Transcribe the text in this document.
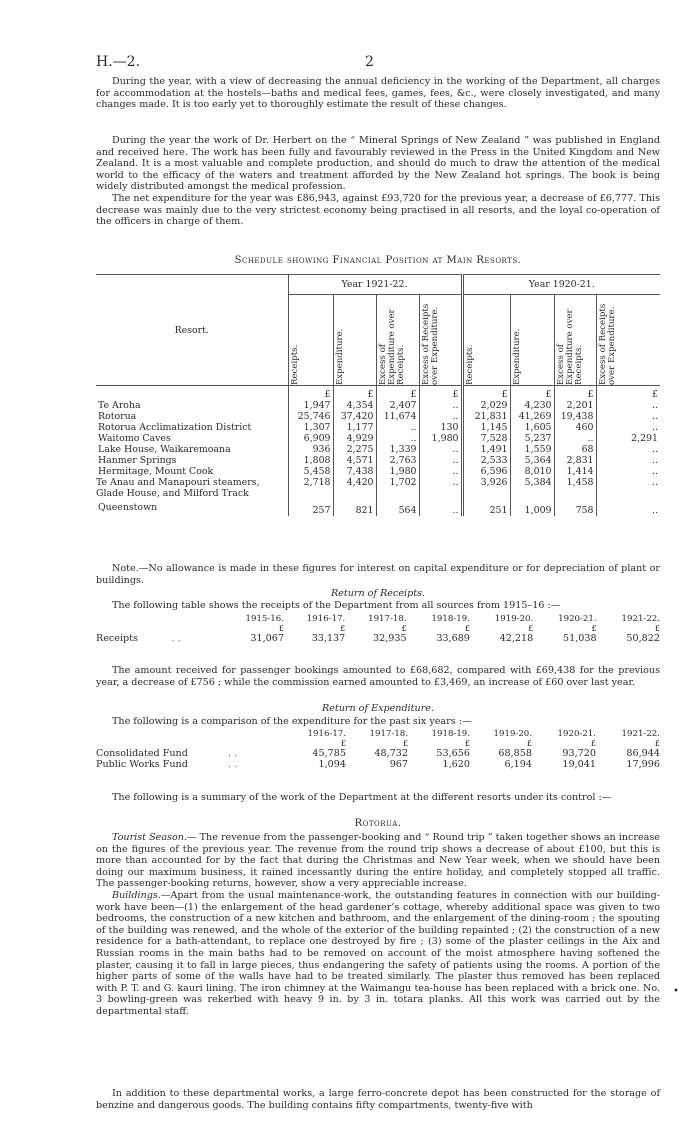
H.—2.	2

During the year, with a view of decreasing the annual deficiency in the working of the Department, all charges for accommodation at the hostels—baths and medical fees, games, fees, &c., were closely investigated, and many changes made. It is too early yet to thoroughly estimate the result of these changes.

During the year the work of Dr. Herbert on the “ Mineral Springs of New Zealand ” was published in England and received here. The work has been fully and favourably reviewed in the Press in the United Kingdom and New Zealand. It is a most valuable and complete production, and should do much to draw the attention of the medical world to the efficacy of the waters and treatment afforded by the New Zealand hot springs. The book is being widely distributed amongst the medical profession.

The net expenditure for the year was £86,943, against £93,720 for the previous year, a decrease of £6,777. This decrease was mainly due to the very strictest economy being practised in all resorts, and the loyal co-operation of the officers in charge of them.

Schedule showing Financial Position at Main Resorts.

Resort.	Year 1921-22.				Year 1920-21.			

	Receipts.	Expenditure.	Excess of Expenditure over Receipts.	Excess of Receipts over Expenditure.	Receipts.	Expenditure.	Excess of Expenditure over Receipts.	Excess of Receipts over Expenditure.

	£	£	£	£	£	£	£	£
Te Aroha	1,947	4,354	2,407	..	2,029	4,230	2,201	..
Rotorua	25,746	37,420	11,674	..	21,831	41,269	19,438	..
Rotorua Acclimatization District	1,307	1,177	..	130	1,145	1,605	460	..
Waitomo Caves	6,909	4,929	..	1,980	7,528	5,237	..	2,291
Lake House, Waikaremoana	936	2,275	1,339	..	1,491	1,559	68	..
Hanmer Springs	1,808	4,571	2,763	..	2,533	5,364	2,831	..
Hermitage, Mount Cook	5,458	7,438	1,980	..	6,596	8,010	1,414	..
Te Anau and Manapouri steamers, Glade House, and Milford Track	2,718	4,420	1,702	..	3,926	5,384	1,458	..
Queenstown	257	821	564	..	251	1,009	758	..

Note.—No allowance is made in these figures for interest on capital expenditure or for depreciation of plant or buildings.

Return of Receipts.

The following table shows the receipts of the Department from all sources from 1915–16 :—

		1915-16.	1916-17.	1917-18.	1918-19.	1919-20.	1920-21.	1921-22.
		£	£	£	£	£	£	£
Receipts	. .	31,067	33,137	32,935	33,689	42,218	51,038	50,822

The amount received for passenger bookings amounted to £68,682, compared with £69,438 for the previous year, a decrease of £756 ; while the commission earned amounted to £3,469, an increase of £60 over last year.

Return of Expenditure.

The following is a comparison of the expenditure for the past six years :—

		1916-17.	1917-18.	1918-19.	1919-20.	1920-21.	1921-22.
		£	£	£	£	£	£
Consolidated Fund	. .	45,785	48,732	53,656	68,858	93,720	86,944
Public Works Fund	. .	1,094	967	1,620	6,194	19,041	17,996

The following is a summary of the work of the Department at the different resorts under its control :—

Rotorua.

Tourist Season.— The revenue from the passenger-booking and “ Round trip ” taken together shows an increase on the figures of the previous year. The revenue from the round trip shows a decrease of about £100, but this is more than accounted for by the fact that during the Christmas and New Year week, when we should have been doing our maximum business, it rained incessantly during the entire holiday, and completely stopped all traffic. The passenger-booking returns, however, show a very appreciable increase.

Buildings.—Apart from the usual maintenance-work, the outstanding features in connection with our building-work have been—(1) the enlargement of the head gardener’s cottage, whereby additional space was given to two bedrooms, the construction of a new kitchen and bathroom, and the enlargement of the dining-room ; the spouting of the building was renewed, and the whole of the exterior of the building repainted ; (2) the construction of a new residence for a bath-attendant, to replace one destroyed by fire ; (3) some of the plaster ceilings in the Aix and Russian rooms in the main baths had to be removed on account of the moist atmosphere having softened the plaster, causing it to fall in large pieces, thus endangering the safety of patients using the rooms. A portion of the higher parts of some of the walls have had to be treated similarly. The plaster thus removed has been replaced with P. T. and G. kauri lining. The iron chimney at the Waimangu tea-house has been replaced with a brick one. No. 3 bowling-green was rekerbed with heavy 9 in. by 3 in. totara planks. All this work was carried out by the departmental staff.

In addition to these departmental works, a large ferro-concrete depot has been constructed for the storage of benzine and dangerous goods. The building contains fifty compartments, twenty-five with

•
